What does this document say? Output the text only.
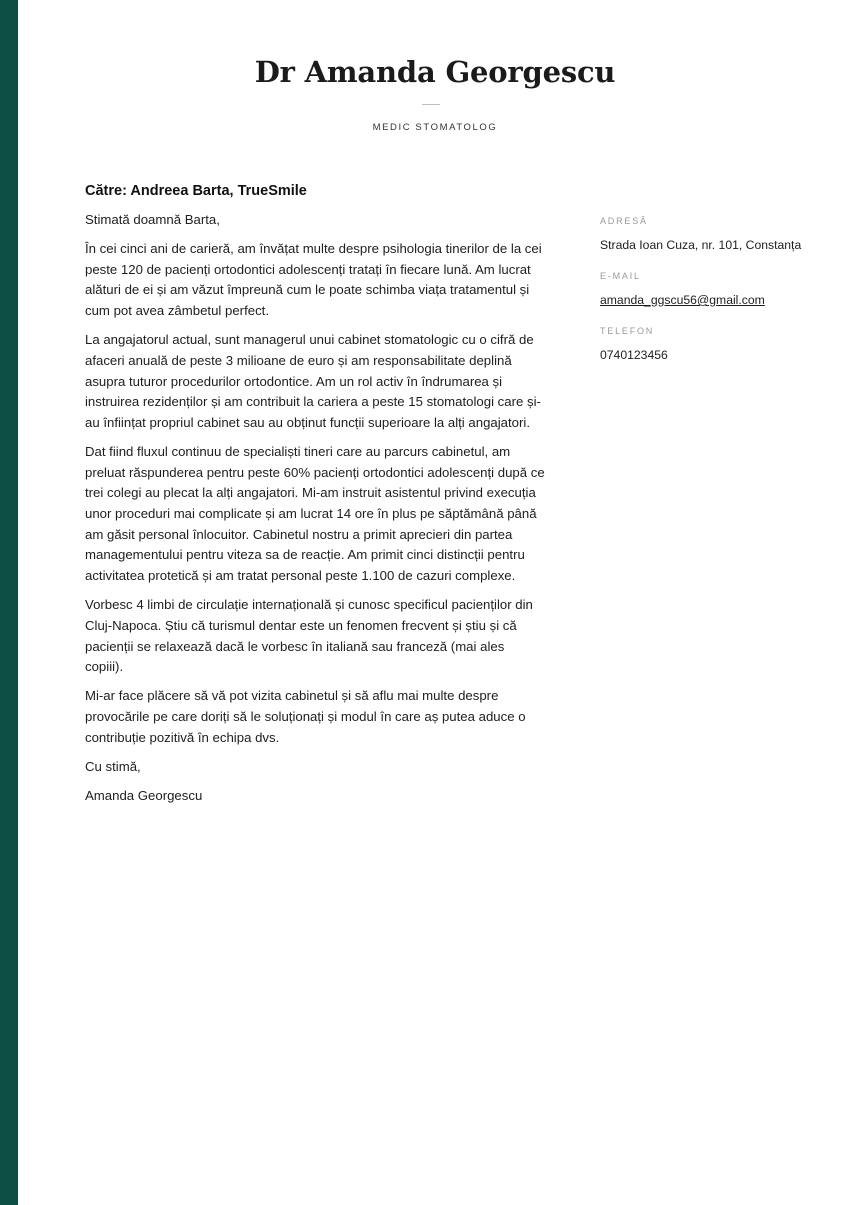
Dr Amanda Georgescu
MEDIC STOMATOLOG
Către: Andreea Barta, TrueSmile

Stimată doamnă Barta,

În cei cinci ani de carieră, am învățat multe despre psihologia tinerilor de la cei peste 120 de pacienți ortodontici adolescenți tratați în fiecare lună. Am lucrat alături de ei și am văzut împreună cum le poate schimba viața tratamentul și cum pot avea zâmbetul perfect.

La angajatorul actual, sunt managerul unui cabinet stomatologic cu o cifră de afaceri anuală de peste 3 milioane de euro și am responsabilitate deplină asupra tuturor procedurilor ortodontice. Am un rol activ în îndrumarea și instruirea rezidenților și am contribuit la cariera a peste 15 stomatologi care și-au înființat propriul cabinet sau au obținut funcții superioare la alți angajatori.

Dat fiind fluxul continuu de specialiști tineri care au parcurs cabinetul, am preluat răspunderea pentru peste 60% pacienți ortodontici adolescenți după ce trei colegi au plecat la alți angajatori. Mi-am instruit asistentul privind execuția unor proceduri mai complicate și am lucrat 14 ore în plus pe săptămână până am găsit personal înlocuitor. Cabinetul nostru a primit aprecieri din partea managementului pentru viteza sa de reacție. Am primit cinci distincții pentru activitatea protetică și am tratat personal peste 1.100 de cazuri complexe.

Vorbesc 4 limbi de circulație internațională și cunosc specificul pacienților din Cluj-Napoca. Știu că turismul dentar este un fenomen frecvent și știu și că pacienții se relaxează dacă le vorbesc în italiană sau franceză (mai ales copiii).

Mi-ar face plăcere să vă pot vizita cabinetul și să aflu mai multe despre provocările pe care doriți să le soluționați și modul în care aș putea aduce o contribuție pozitivă în echipa dvs.

Cu stimă,

Amanda Georgescu

ADRESĂ
Strada Ioan Cuza, nr. 101, Constanța
E-MAIL
amanda_ggscu56@gmail.com
TELEFON
0740123456
